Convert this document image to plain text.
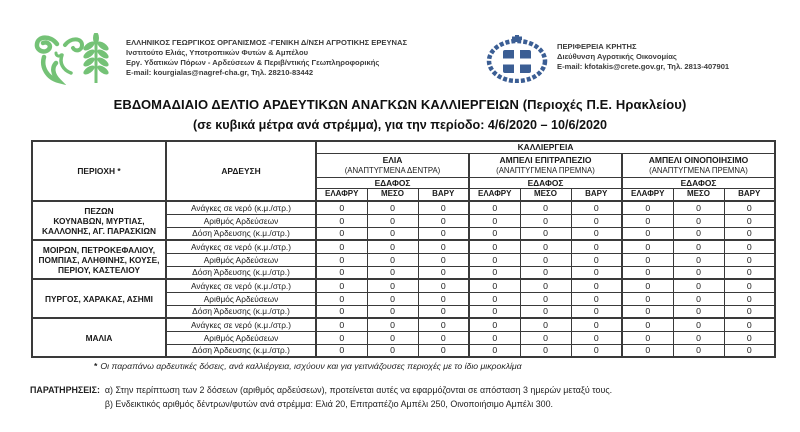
ΕΛΛΗΝΙΚΟΣ ΓΕΩΡΓΙΚΟΣ ΟΡΓΑΝΙΣΜΟΣ -ΓΕΝΙΚΗ Δ/ΝΣΗ ΑΓΡΟΤΙΚΗΣ ΕΡΕΥΝΑΣ
Ινστιτούτο Ελιάς, Υποτροπικών Φυτών & Αμπέλου
Εργ. Υδατικών Πόρων - Αρδεύσεων & Περιβ/ντικής Γεωπληροφορικής
E-mail: kourgialas@nagref-cha.gr, Τηλ. 28210-83442
ΠΕΡΙΦΕΡΕΙΑ ΚΡΗΤΗΣ
Διεύθυνση Αγροτικής Οικονομίας
E-mail: kfotakis@crete.gov.gr, Τηλ. 2813-407901
ΕΒΔΟΜΑΔΙΑΙΟ ΔΕΛΤΙΟ ΑΡΔΕΥΤΙΚΩΝ ΑΝΑΓΚΩΝ ΚΑΛΛΙΕΡΓΕΙΩΝ (Περιοχές Π.Ε. Ηρακλείου)
(σε κυβικά μέτρα ανά στρέμμα), για την περίοδο: 4/6/2020 – 10/6/2020
ΠΕΡΙΟΧΗ *	ΑΡΔΕΥΣΗ	ΚΑΛΛΙΕΡΓΕΙΑ								

ΕΛΙΑ
(ΑΝΑΠΤΥΓΜΕΝΑ ΔΕΝΤΡΑ)

ΑΜΠΕΛΙ ΕΠΙΤΡΑΠΕΖΙΟ
(ΑΝΑΠΤΥΓΜΕΝΑ ΠΡΕΜΝΑ)

ΑΜΠΕΛΙ ΟΙΝΟΠΟΙΗΣΙΜΟ
(ΑΝΑΠΤΥΓΜΕΝΑ ΠΡΕΜΝΑ)

		ΕΔΑΦΟΣ			ΕΔΑΦΟΣ			ΕΔΑΦΟΣ		
		ΕΛΑΦΡΥ	ΜΕΣΟ	ΒΑΡΥ	ΕΛΑΦΡΥ	ΜΕΣΟ	ΒΑΡΥ	ΕΛΑΦΡΥ	ΜΕΣΟ	ΒΑΡΥ

ΠΕΖΩΝ
ΚΟΥΝΑΒΩΝ, ΜΥΡΤΙΑΣ,
ΚΑΛΛΟΝΗΣ, ΑΓ. ΠΑΡΑΣΚΙΩΝ	Ανάγκες σε νερό (κ.μ./στρ.)	0	0	0	0	0	0	0	0	0
	Αριθμός Αρδεύσεων	0	0	0	0	0	0	0	0	0
	Δόση Άρδευσης (κ.μ./στρ.)	0	0	0	0	0	0	0	0	0

ΜΟΙΡΩΝ, ΠΕΤΡΟΚΕΦΑΛΙΟΥ,
ΠΟΜΠΙΑΣ, ΑΛΗΘΙΝΗΣ, ΚΟΥΣΕ,
ΠΕΡΙΟΥ, ΚΑΣΤΕΛΙΟΥ	Ανάγκες σε νερό (κ.μ./στρ.)	0	0	0	0	0	0	0	0	0
	Αριθμός Αρδεύσεων	0	0	0	0	0	0	0	0	0
	Δόση Άρδευσης (κ.μ./στρ.)	0	0	0	0	0	0	0	0	0

ΠΥΡΓΟΣ, ΧΑΡΑΚΑΣ, ΑΣΗΜΙ	Ανάγκες σε νερό (κ.μ./στρ.)	0	0	0	0	0	0	0	0	0
	Αριθμός Αρδεύσεων	0	0	0	0	0	0	0	0	0
	Δόση Άρδευσης (κ.μ./στρ.)	0	0	0	0	0	0	0	0	0

ΜΑΛΙΑ	Ανάγκες σε νερό (κ.μ./στρ.)	0	0	0	0	0	0	0	0	0
	Αριθμός Αρδεύσεων	0	0	0	0	0	0	0	0	0
	Δόση Άρδευσης (κ.μ./στρ.)	0	0	0	0	0	0	0	0	0
* Οι παραπάνω αρδευτικές δόσεις, ανά καλλιέργεια, ισχύουν και για γειτνιάζουσες περιοχές με το ίδιο μικροκλίμα
ΠΑΡΑΤΗΡΗΣΕΙΣ: α) Στην περίπτωση των 2 δόσεων (αριθμός αρδεύσεων), προτείνεται αυτές να εφαρμόζονται σε απόσταση 3 ημερών μεταξύ τους.
β) Ενδεικτικός αριθμός δέντρων/φυτών ανά στρέμμα: Ελιά 20, Επιτραπέζιο Αμπέλι 250, Οινοποιήσιμο Αμπέλι 300.
